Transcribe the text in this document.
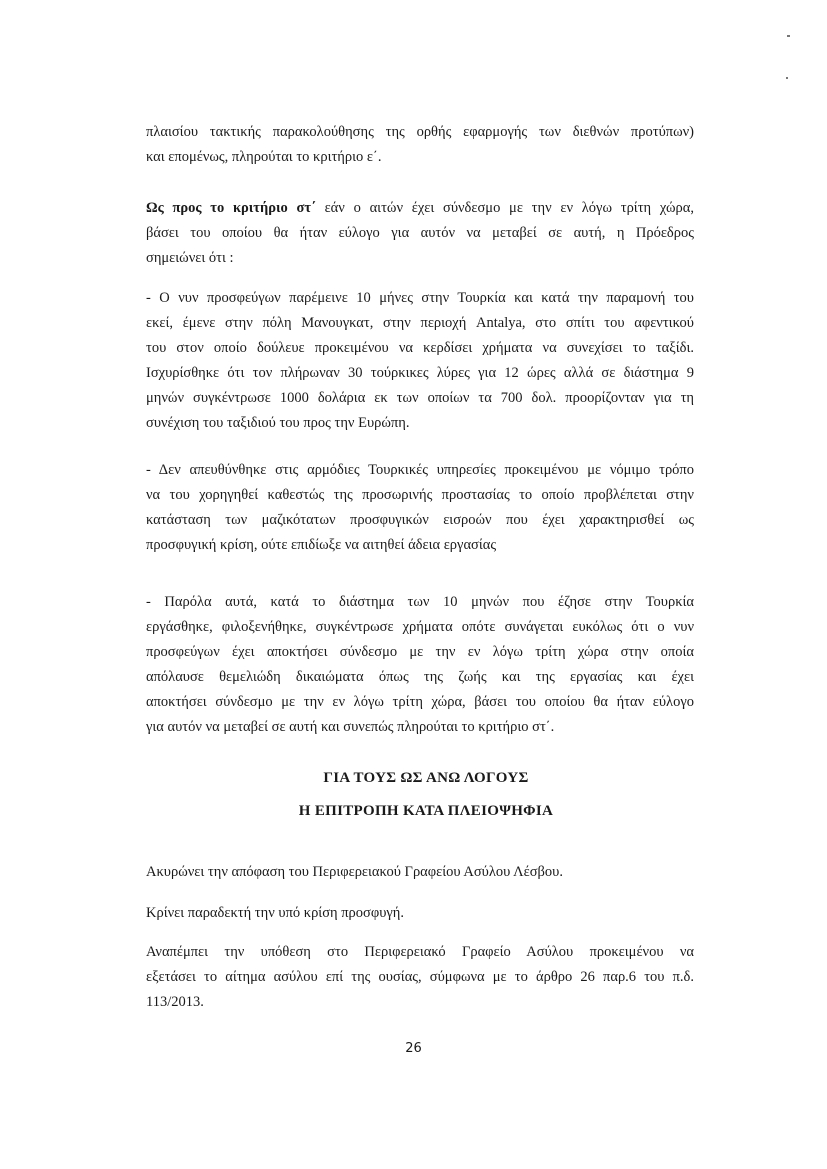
πλαισίου τακτικής παρακολούθησης της ορθής εφαρμογής των διεθνών προτύπων)
και επομένως, πληρούται το κριτήριο ε΄.

Ως προς το κριτήριο στ΄ εάν ο αιτών έχει σύνδεσμο με την εν λόγω τρίτη χώρα,
βάσει του οποίου θα ήταν εύλογο για αυτόν να μεταβεί σε αυτή, η Πρόεδρος
σημειώνει ότι :

- Ο νυν προσφεύγων παρέμεινε 10 μήνες στην Τουρκία και κατά την παραμονή του
εκεί, έμενε στην πόλη Μανουγκατ, στην περιοχή Antalya, στο σπίτι του αφεντικού
του στον οποίο δούλευε προκειμένου να κερδίσει χρήματα να συνεχίσει το ταξίδι.
Ισχυρίσθηκε ότι τον πλήρωναν 30 τούρκικες λύρες για 12 ώρες αλλά σε διάστημα 9
μηνών συγκέντρωσε 1000 δολάρια εκ των οποίων τα 700 δολ. προορίζονταν για τη
συνέχιση του ταξιδιού του προς την Ευρώπη.

- Δεν απευθύνθηκε στις αρμόδιες Τουρκικές υπηρεσίες προκειμένου με νόμιμο τρόπο
να του χορηγηθεί καθεστώς της προσωρινής προστασίας το οποίο προβλέπεται στην
κατάσταση των μαζικότατων προσφυγικών εισροών που έχει χαρακτηρισθεί ως
προσφυγική κρίση, ούτε επιδίωξε να αιτηθεί άδεια εργασίας

- Παρόλα αυτά, κατά το διάστημα των 10 μηνών που έζησε στην Τουρκία
εργάσθηκε, φιλοξενήθηκε, συγκέντρωσε χρήματα οπότε συνάγεται ευκόλως ότι ο νυν
προσφεύγων έχει αποκτήσει σύνδεσμο με την εν λόγω τρίτη χώρα στην οποία
απόλαυσε θεμελιώδη δικαιώματα όπως της ζωής και της εργασίας και έχει
αποκτήσει σύνδεσμο με την εν λόγω τρίτη χώρα, βάσει του οποίου θα ήταν εύλογο
για αυτόν να μεταβεί σε αυτή και συνεπώς πληρούται το κριτήριο στ΄.

ΓΙΑ ΤΟΥΣ ΩΣ ΑΝΩ ΛΟΓΟΥΣ
Η ΕΠΙΤΡΟΠΗ ΚΑΤΑ ΠΛΕΙΟΨΗΦΙΑ
Ακυρώνει την απόφαση του Περιφερειακού Γραφείου Ασύλου Λέσβου.
Κρίνει παραδεκτή την υπό κρίση προσφυγή.

Αναπέμπει την υπόθεση στο Περιφερειακό Γραφείο Ασύλου προκειμένου να
εξετάσει το αίτημα ασύλου επί της ουσίας, σύμφωνα με το άρθρο 26 παρ.6 του π.δ.
113/2013.

26
